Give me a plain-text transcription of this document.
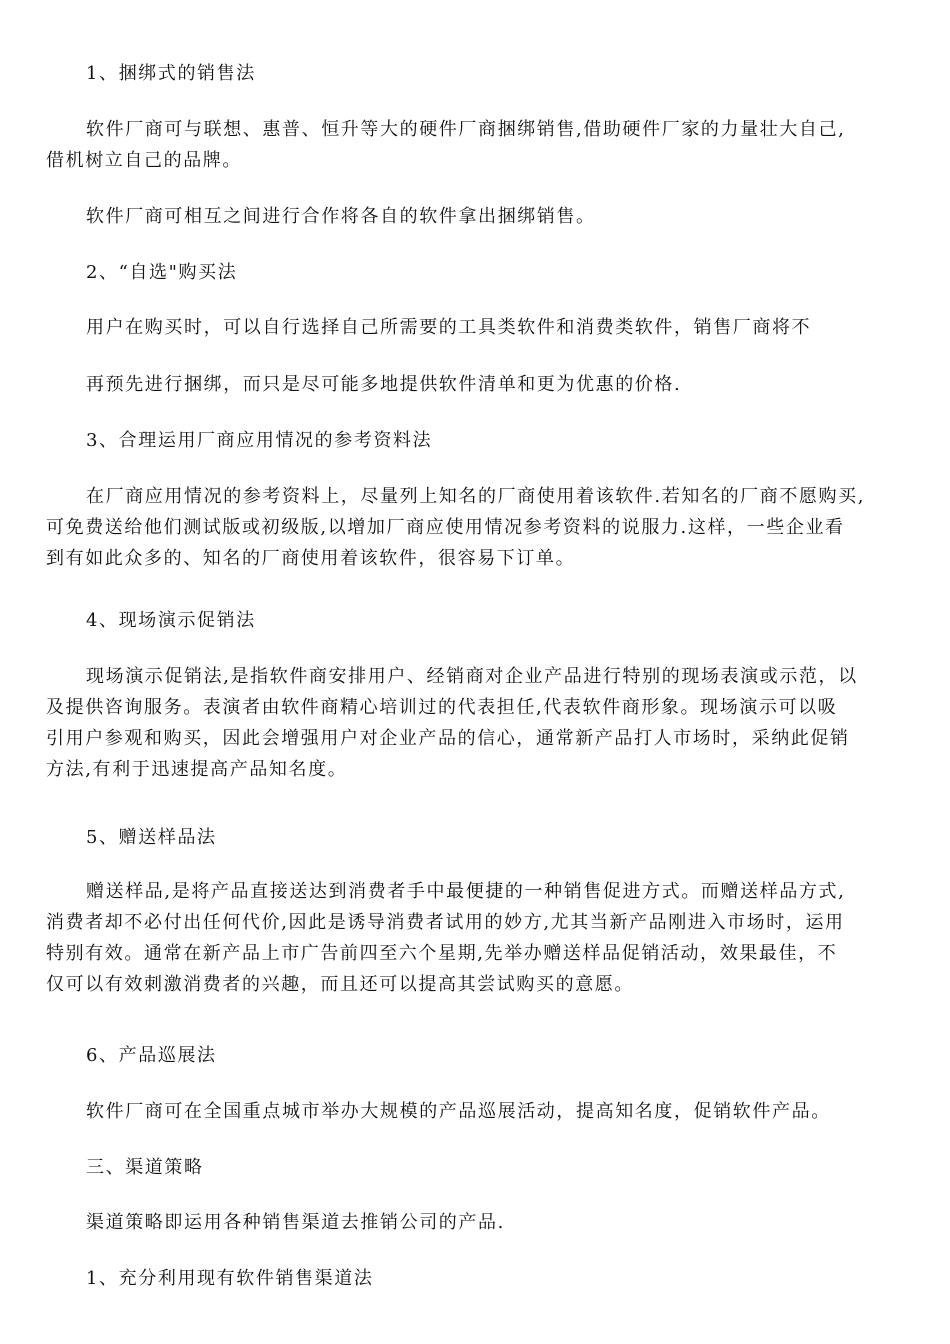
1、捆绑式的销售法

软件厂商可与联想、惠普、恒升等大的硬件厂商捆绑销售,借助硬件厂家的力量壮大自己,
借机树立自己的品牌。

软件厂商可相互之间进行合作将各自的软件拿出捆绑销售。

2、“自选"购买法

用户在购买时，可以自行选择自己所需要的工具类软件和消费类软件，销售厂商将不

再预先进行捆绑，而只是尽可能多地提供软件清单和更为优惠的价格.

3、合理运用厂商应用情况的参考资料法

在厂商应用情况的参考资料上，尽量列上知名的厂商使用着该软件.若知名的厂商不愿购买,
可免费送给他们测试版或初级版,以增加厂商应使用情况参考资料的说服力.这样，一些企业看
到有如此众多的、知名的厂商使用着该软件，很容易下订单。

4、现场演示促销法

现场演示促销法,是指软件商安排用户、经销商对企业产品进行特别的现场表演或示范，以
及提供咨询服务。表演者由软件商精心培训过的代表担任,代表软件商形象。现场演示可以吸
引用户参观和购买，因此会增强用户对企业产品的信心，通常新产品打人市场时，采纳此促销
方法,有利于迅速提高产品知名度。

5、赠送样品法

赠送样品,是将产品直接送达到消费者手中最便捷的一种销售促进方式。而赠送样品方式,
消费者却不必付出任何代价,因此是诱导消费者试用的妙方,尤其当新产品刚进入市场时，运用
特别有效。通常在新产品上市广告前四至六个星期,先举办赠送样品促销活动，效果最佳，不
仅可以有效刺激消费者的兴趣，而且还可以提高其尝试购买的意愿。

6、产品巡展法

软件厂商可在全国重点城市举办大规模的产品巡展活动，提高知名度，促销软件产品。

三、渠道策略

渠道策略即运用各种销售渠道去推销公司的产品.

1、充分利用现有软件销售渠道法
